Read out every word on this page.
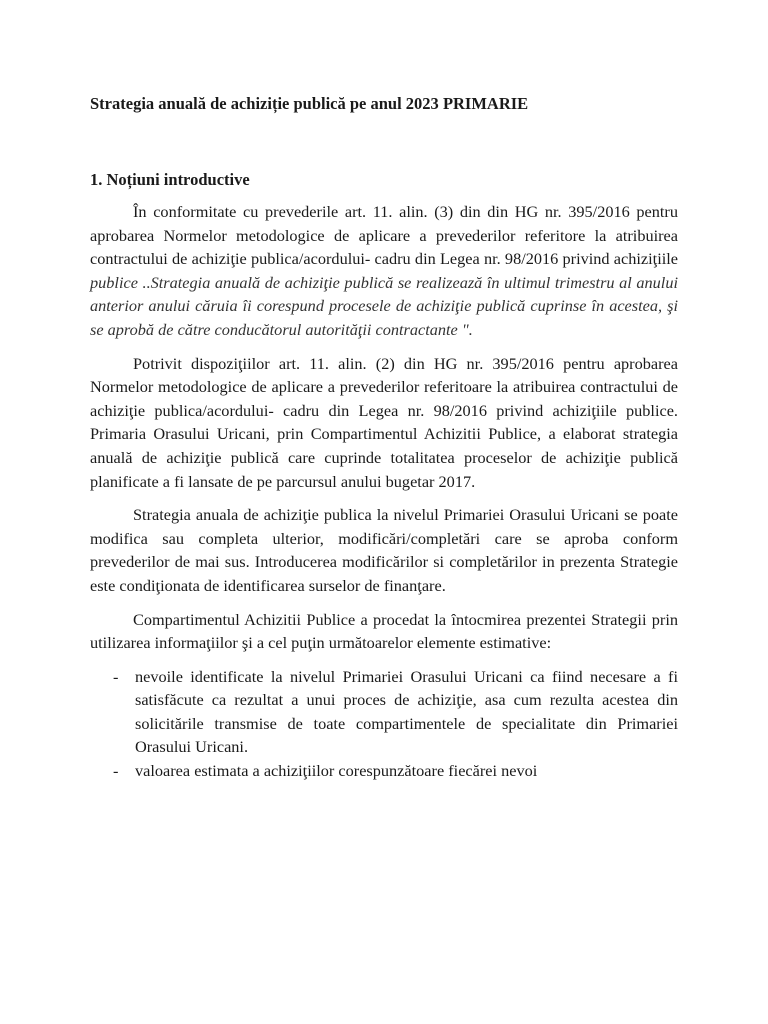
Strategia anuală de achiziție publică pe anul 2023 PRIMARIE
1. Noțiuni introductive

În conformitate cu prevederile art. 11. alin. (3) din din HG nr. 395/2016 pentru aprobarea Normelor metodologice de aplicare a prevederilor referitore la atribuirea contractului de achiziţie publica/acordului- cadru din Legea nr. 98/2016 privind achiziţiile publice ..Strategia anuală de achiziţie publică se realizează în ultimul trimestru al anului anterior anului căruia îi corespund procesele de achiziţie publică cuprinse în acestea, şi se aprobă de către conducătorul autorităţii contractante ".

Potrivit dispoziţiilor art. 11. alin. (2) din HG nr. 395/2016 pentru aprobarea Normelor metodologice de aplicare a prevederilor referitoare la atribuirea contractului de achiziţie publica/acordului- cadru din Legea nr. 98/2016 privind achiziţiile publice. Primaria Orasului Uricani, prin Compartimentul Achizitii Publice, a elaborat strategia anuală de achiziţie publică care cuprinde totalitatea proceselor de achiziţie publică planificate a fi lansate de pe parcursul anului bugetar 2017.

Strategia anuala de achiziţie publica la nivelul Primariei Orasului Uricani se poate modifica sau completa ulterior, modificări/completări care se aproba conform prevederilor de mai sus. Introducerea modificărilor si completărilor in prezenta Strategie este condiţionata de identificarea surselor de finanţare.

Compartimentul Achizitii Publice a procedat la întocmirea prezentei Strategii prin utilizarea informaţiilor şi a cel puţin următoarelor elemente estimative:

- nevoile identificate la nivelul Primariei Orasului Uricani ca fiind necesare a fi satisfăcute ca rezultat a unui proces de achiziţie, asa cum rezulta acestea din solicitările transmise de toate compartimentele de specialitate din Primariei Orasului Uricani.
- valoarea estimata a achiziţiilor corespunzătoare fiecărei nevoi
